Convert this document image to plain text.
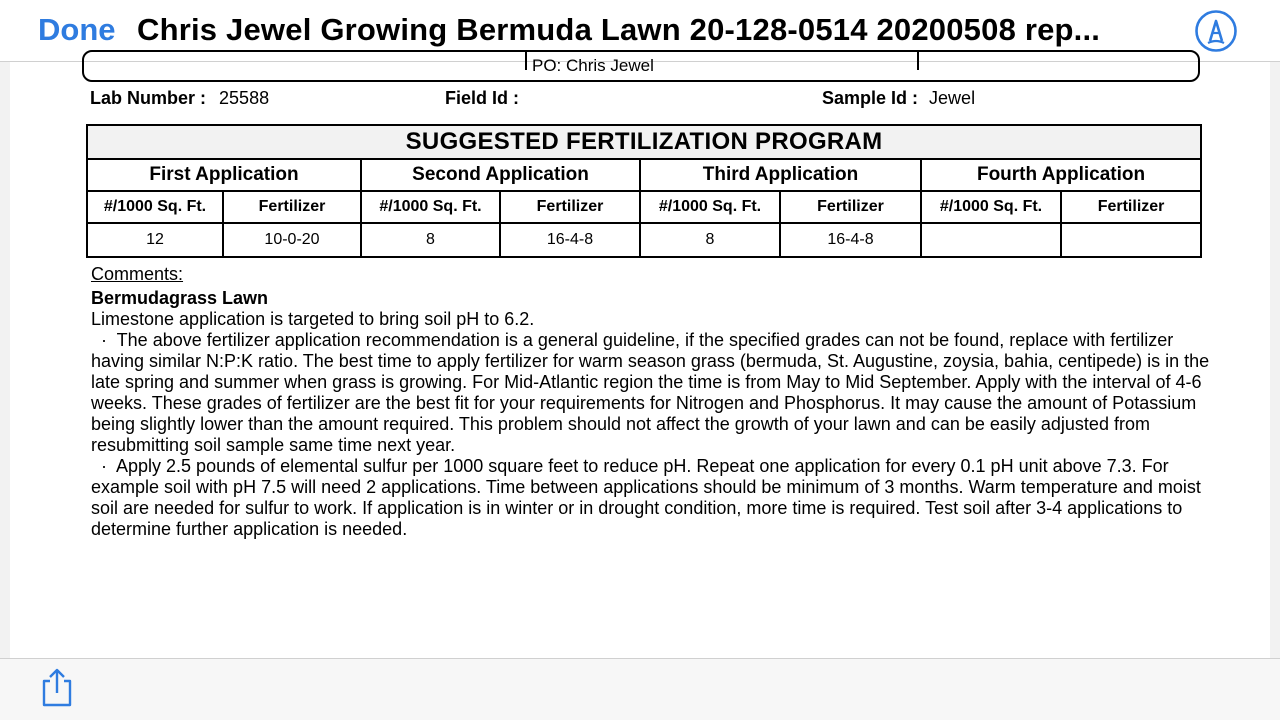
Done Chris Jewel Growing Bermuda Lawn 20-128-0514 20200508 rep...
PO: Chris Jewel
Lab Number : 25588	Field Id :	Sample Id : Jewel
SUGGESTED FERTILIZATION PROGRAM							
First Application		Second Application		Third Application		Fourth Application	
#/1000 Sq. Ft.	Fertilizer	#/1000 Sq. Ft.	Fertilizer	#/1000 Sq. Ft.	Fertilizer	#/1000 Sq. Ft.	Fertilizer
12	10-0-20	8	16-4-8	8	16-4-8		
Comments:
Bermudagrass Lawn

Limestone application is targeted to bring soil pH to 6.2.

·  The above fertilizer application recommendation is a general guideline, if the specified grades can not be found, replace with fertilizer having similar N:P:K ratio. The best time to apply fertilizer for warm season grass (bermuda, St. Augustine, zoysia, bahia, centipede) is in the late spring and summer when grass is growing. For Mid-Atlantic region the time is from May to Mid September. Apply with the interval of 4-6 weeks. These grades of fertilizer are the best fit for your requirements for Nitrogen and Phosphorus. It may cause the amount of Potassium being slightly lower than the amount required. This problem should not affect the growth of your lawn and can be easily adjusted from resubmitting soil sample same time next year.

·  Apply 2.5 pounds of elemental sulfur per 1000 square feet to reduce pH. Repeat one application for every 0.1 pH unit above 7.3. For example soil with pH 7.5 will need 2 applications. Time between applications should be minimum of 3 months. Warm temperature and moist soil are needed for sulfur to work. If application is in winter or in drought condition, more time is required. Test soil after 3-4 applications to determine further application is needed.
